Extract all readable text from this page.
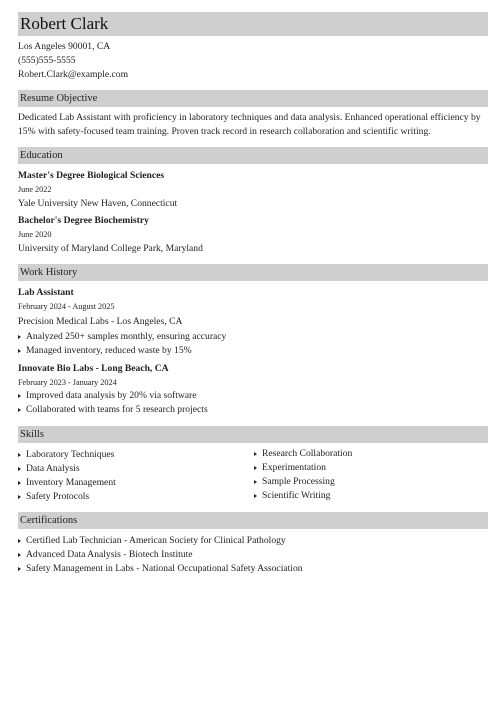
Robert Clark
Los Angeles 90001, CA
(555)555-5555
Robert.Clark@example.com
Resume Objective
Dedicated Lab Assistant with proficiency in laboratory techniques and data analysis. Enhanced operational efficiency by
15% with safety-focused team training. Proven track record in research collaboration and scientific writing.
Education
Master's Degree Biological Sciences
June 2022
Yale University New Haven, Connecticut
Bachelor's Degree Biochemistry
June 2020
University of Maryland College Park, Maryland
Work History
Lab Assistant
February 2024 - August 2025
Precision Medical Labs - Los Angeles, CA
Analyzed 250+ samples monthly, ensuring accuracy
Managed inventory, reduced waste by 15%
Innovate Bio Labs - Long Beach, CA
February 2023 - January 2024
Improved data analysis by 20% via software
Collaborated with teams for 5 research projects
Skills
Laboratory Techniques
Data Analysis
Inventory Management
Safety Protocols
Research Collaboration
Experimentation
Sample Processing
Scientific Writing
Certifications
Certified Lab Technician - American Society for Clinical Pathology
Advanced Data Analysis - Biotech Institute
Safety Management in Labs - National Occupational Safety Association
